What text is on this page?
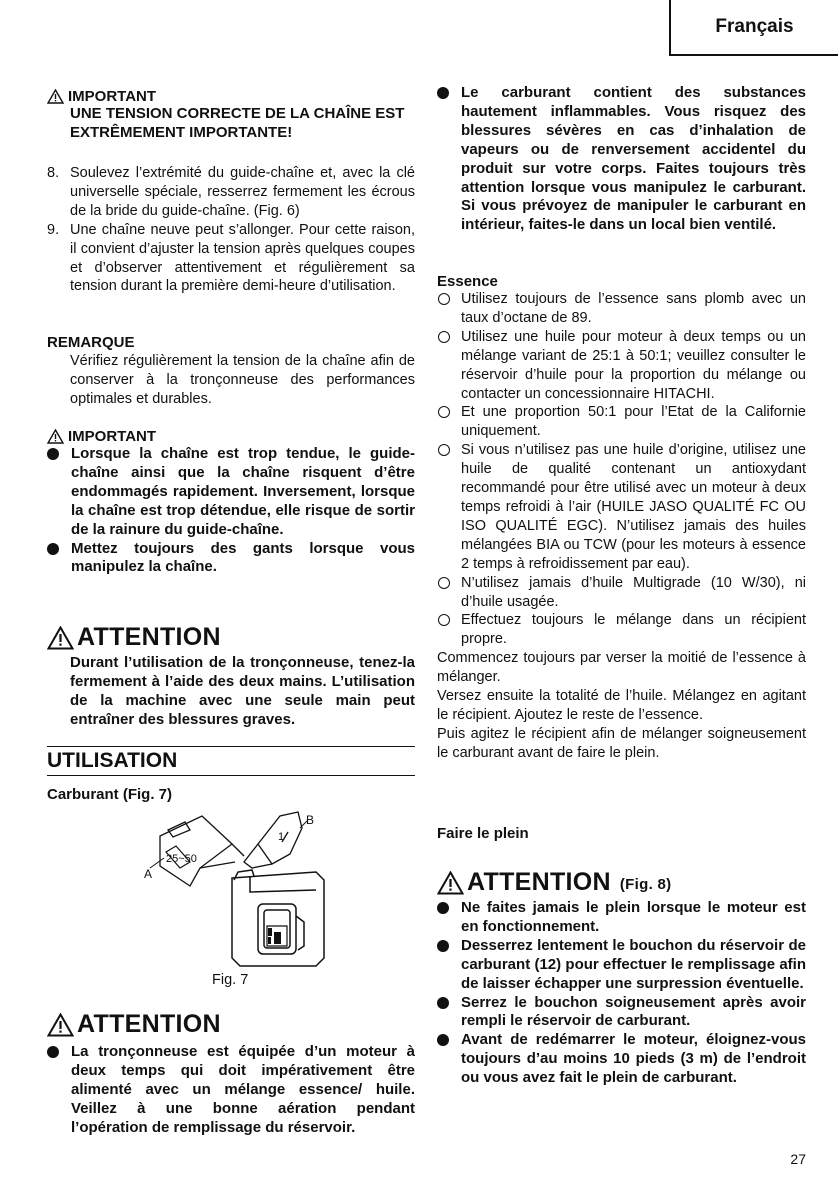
Français
IMPORTANT
UNE TENSION CORRECTE DE LA CHAÎNE EST EXTRÊMEMENT IMPORTANTE!
8. Soulevez l’extrémité du guide-chaîne et, avec la clé universelle spéciale, resserrez fermement les écrous de la bride du guide-chaîne. (Fig. 6)
9. Une chaîne neuve peut s’allonger. Pour cette raison, il convient d’ajuster la tension après quelques coupes et d’observer attentivement et régulièrement sa tension durant la première demi-heure d’utilisation.
REMARQUE
Vérifiez régulièrement la tension de la chaîne afin de conserver à la tronçonneuse des performances optimales et durables.
IMPORTANT
Lorsque la chaîne est trop tendue, le guide-chaîne ainsi que la chaîne risquent d’être endommagés rapidement. Inversement, lorsque la chaîne est trop détendue, elle risque de sortir de la rainure du guide-chaîne.
Mettez toujours des gants lorsque vous manipulez la chaîne.
ATTENTION
Durant l’utilisation de la tronçonneuse, tenez-la fermement à l’aide des deux mains. L’utilisation de la machine avec une seule main peut entraîner des blessures graves.
UTILISATION
Carburant (Fig. 7)
25~50
1
A
B
Fig. 7
ATTENTION
La tronçonneuse est équipée d’un moteur à deux temps qui doit impérativement être alimenté avec un mélange essence/ huile. Veillez à une bonne aération pendant l’opération de remplissage du réservoir.
Le carburant contient des substances hautement inflammables. Vous risquez des blessures sévères en cas d’inhalation de vapeurs ou de renversement accidentel du produit sur votre corps. Faites toujours très attention lorsque vous manipulez le carburant. Si vous prévoyez de manipuler le carburant en intérieur, faites-le dans un local bien ventilé.
Essence
Utilisez toujours de l’essence sans plomb avec un taux d’octane de 89.
Utilisez une huile pour moteur à deux temps ou un mélange variant de 25:1 à 50:1; veuillez consulter le réservoir d’huile pour la proportion du mélange ou contacter un concessionnaire HITACHI.
Et une proportion 50:1 pour l’Etat de la Californie uniquement.
Si vous n’utilisez pas une huile d’origine, utilisez une huile de qualité contenant un antioxydant recommandé pour être utilisé avec un moteur à deux temps refroidi à l’air (HUILE JASO QUALITÉ FC OU ISO QUALITÉ EGC). N’utilisez jamais des huiles mélangées BIA ou TCW (pour les moteurs à essence 2 temps à refroidissement par eau).
N’utilisez jamais d’huile Multigrade (10 W/30), ni d’huile usagée.
Effectuez toujours le mélange dans un récipient propre.
Commencez toujours par verser la moitié de l’essence à mélanger.
Versez ensuite la totalité de l’huile. Mélangez en agitant le récipient. Ajoutez le reste de l’essence.
Puis agitez le récipient afin de mélanger soigneusement le carburant avant de faire le plein.
Faire le plein
ATTENTION (Fig. 8)
Ne faites jamais le plein lorsque le moteur est en fonctionnement.
Desserrez lentement le bouchon du réservoir de carburant (12) pour effectuer le remplissage afin de laisser échapper une surpression éventuelle.
Serrez le bouchon soigneusement après avoir rempli le réservoir de carburant.
Avant de redémarrer le moteur, éloignez-vous toujours d’au moins 10 pieds (3 m) de l’endroit ou vous avez fait le plein de carburant.
27
